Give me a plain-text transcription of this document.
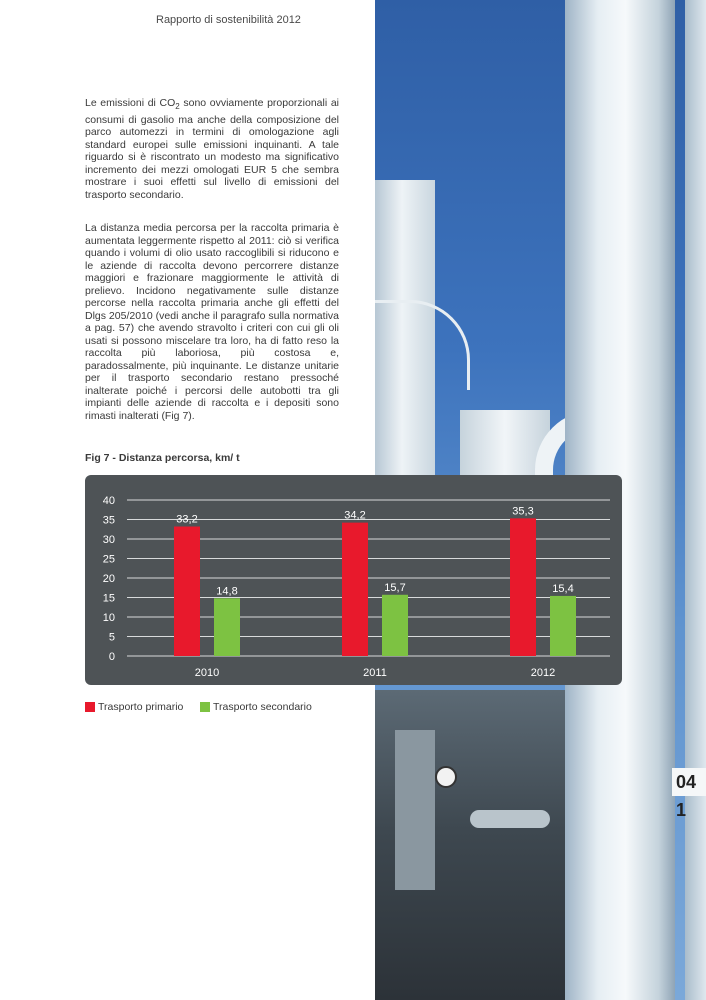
Rapporto di sostenibilità 2012
04 1

Le emissioni di $CO_2$ sono ovviamente proporzionali ai consumi di gasolio ma anche della composizione del parco automezzi in termini di omologazione agli standard europei sulle emissioni inquinanti. A tale riguardo si è riscontrato un modesto ma significativo incremento dei mezzi omologati EUR 5 che sembra mostrare i suoi effetti sul livello di emissioni del trasporto secondario.

La distanza media percorsa per la raccolta primaria è aumentata leggermente rispetto al 2011: ciò si verifica quando i volumi di olio usato raccoglibili si riducono e le aziende di raccolta devono percorrere distanze maggiori e frazionare maggiormente le attività di prelievo. Incidono negativamente sulle distanze percorse nella raccolta primaria anche gli effetti del Dlgs 205/2010 (vedi anche il paragrafo sulla normativa a pag. 57) che avendo stravolto i criteri con cui gli oli usati si possono miscelare tra loro, ha di fatto reso la raccolta più laboriosa, più costosa e, paradossalmente, più inquinante. Le distanze unitarie per il trasporto secondario restano pressoché inalterate poiché i percorsi delle autobotti tra gli impianti delle aziende di raccolta e i depositi sono rimasti inalterati (Fig 7).

Fig 7 - Distanza percorsa, km/ t
0
5
10
15
20
25
30
35
40
33,2
14,8
2010
34,2
15,7
2011
35,3
15,4
2012
Trasporto primario	Trasporto secondario
